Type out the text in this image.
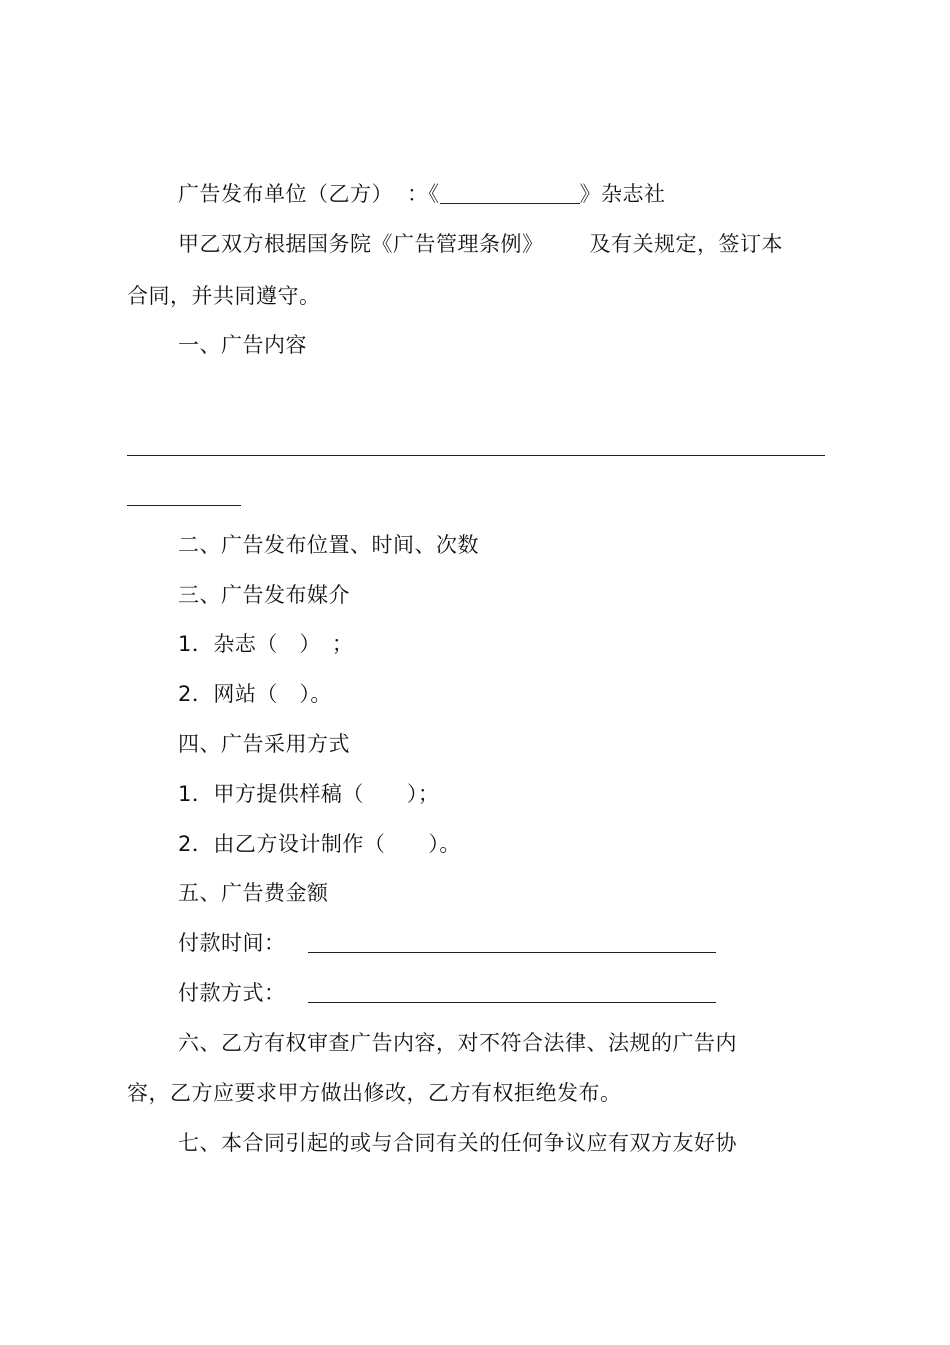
广告发布单位（乙方） ：《	》杂志社
甲乙双方根据国务院《广告管理条例》 及有关规定，签订本
合同，并共同遵守。
一、广告内容
二、广告发布位置、时间、次数
三、广告发布媒介
1．杂志（　）　；
2．网站（　）。
四、广告采用方式
1．甲方提供样稿（　　）；
2．由乙方设计制作（　　）。
五、广告费金额
付款时间：
付款方式：
六、乙方有权审查广告内容，对不符合法律、法规的广告内
容，乙方应要求甲方做出修改，乙方有权拒绝发布。
七、本合同引起的或与合同有关的任何争议应有双方友好协
